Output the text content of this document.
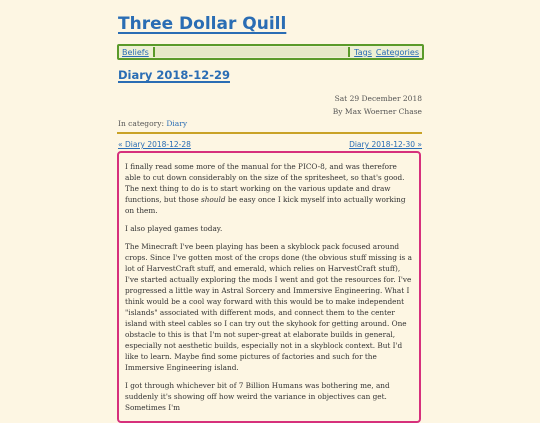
Three Dollar Quill
Beliefs	Tags Categories
Diary 2018-12-29
Sat 29 December 2018
By Max Woerner Chase
In category: Diary
« Diary 2018-12-28	Diary 2018-12-30 »

I finally read some more of the manual for the PICO-8, and was therefore able to cut down considerably on the size of the spritesheet, so that's good. The next thing to do is to start working on the various update and draw functions, but those should be easy once I kick myself into actually working on them.

I also played games today.

The Minecraft I've been playing has been a skyblock pack focused around crops. Since I've gotten most of the crops done (the obvious stuff missing is a lot of HarvestCraft stuff, and emerald, which relies on HarvestCraft stuff), I've started actually exploring the mods I went and got the resources for. I've progressed a little way in Astral Sorcery and Immersive Engineering. What I think would be a cool way forward with this would be to make independent "islands" associated with different mods, and connect them to the center island with steel cables so I can try out the skyhook for getting around. One obstacle to this is that I'm not super-great at elaborate builds in general, especially not aesthetic builds, especially not in a skyblock context. But I'd like to learn. Maybe find some pictures of factories and such for the Immersive Engineering island.

I got through whichever bit of 7 Billion Humans was bothering me, and suddenly it's showing off how weird the variance in objectives can get. Sometimes I'm
